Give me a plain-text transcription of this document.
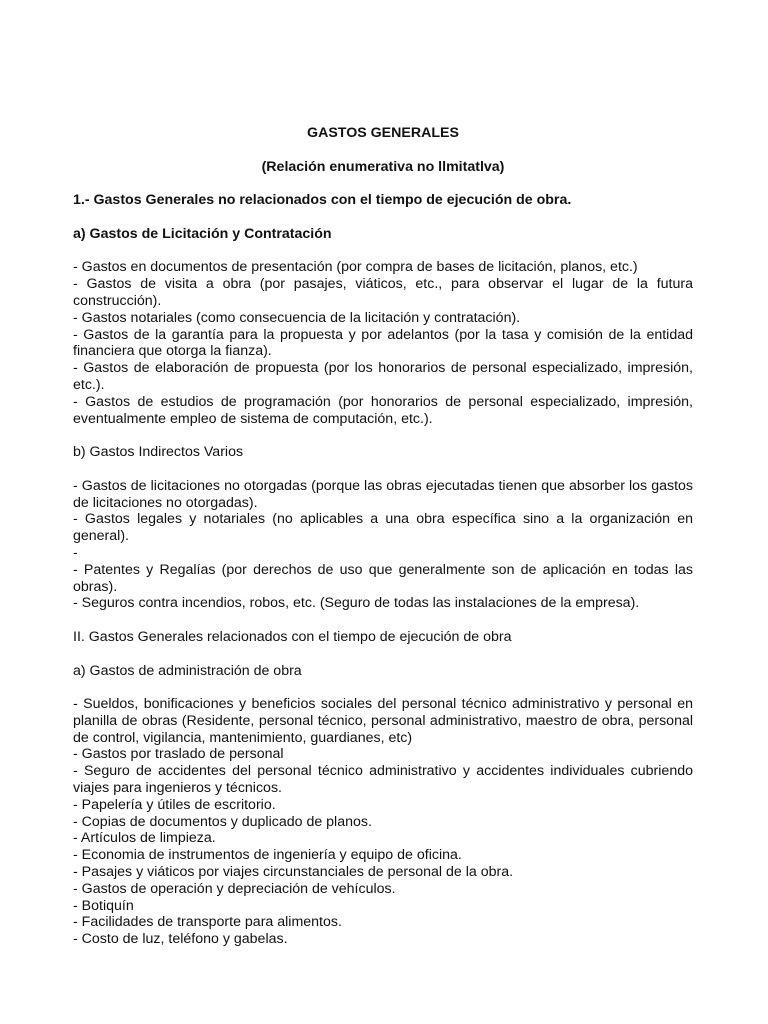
GASTOS GENERALES

(Relación enumerativa no llmitatlva)

1.- Gastos Generales no relacionados con el tiempo de ejecución de obra.

a) Gastos de Licitación y Contratación

- Gastos en documentos de presentación (por compra de bases de licitación, planos, etc.)

- Gastos de visita a obra (por pasajes, viáticos, etc., para observar el lugar de la futura construcción).

- Gastos notariales (como consecuencia de la licitación y contratación).

- Gastos de la garantía para la propuesta y por adelantos (por la tasa y comisión de la entidad financiera que otorga la fianza).

- Gastos de elaboración de propuesta (por los honorarios de personal especializado, impresión, etc.).

- Gastos de estudios de programación (por honorarios de personal especializado, impresión, eventualmente empleo de sistema de computación, etc.).

b) Gastos Indirectos Varios

- Gastos de licitaciones no otorgadas (porque las obras ejecutadas tienen que absorber los gastos de licitaciones no otorgadas).

- Gastos legales y notariales (no aplicables a una obra específica sino a la organización en general).

-

- Patentes y Regalías (por derechos de uso que generalmente son de aplicación en todas las obras).

- Seguros contra incendios, robos, etc. (Seguro de todas las instalaciones de la empresa).

II. Gastos Generales relacionados con el tiempo de ejecución de obra

a) Gastos de administración de obra

- Sueldos, bonificaciones y beneficios sociales del personal técnico administrativo y personal en planilla de obras (Residente, personal técnico, personal administrativo, maestro de obra, personal de control, vigilancia, mantenimiento, guardianes, etc)

- Gastos por traslado de personal

- Seguro de accidentes del personal técnico administrativo y accidentes individuales cubriendo viajes para ingenieros y técnicos.

- Papelería y útiles de escritorio.

- Copias de documentos y duplicado de planos.

- Artículos de limpieza.

- Economia de instrumentos de ingeniería y equipo de oficina.

- Pasajes y viáticos por viajes circunstanciales de personal de la obra.

- Gastos de operación y depreciación de vehículos.

- Botiquín

- Facilidades de transporte para alimentos.

- Costo de luz, teléfono y gabelas.
